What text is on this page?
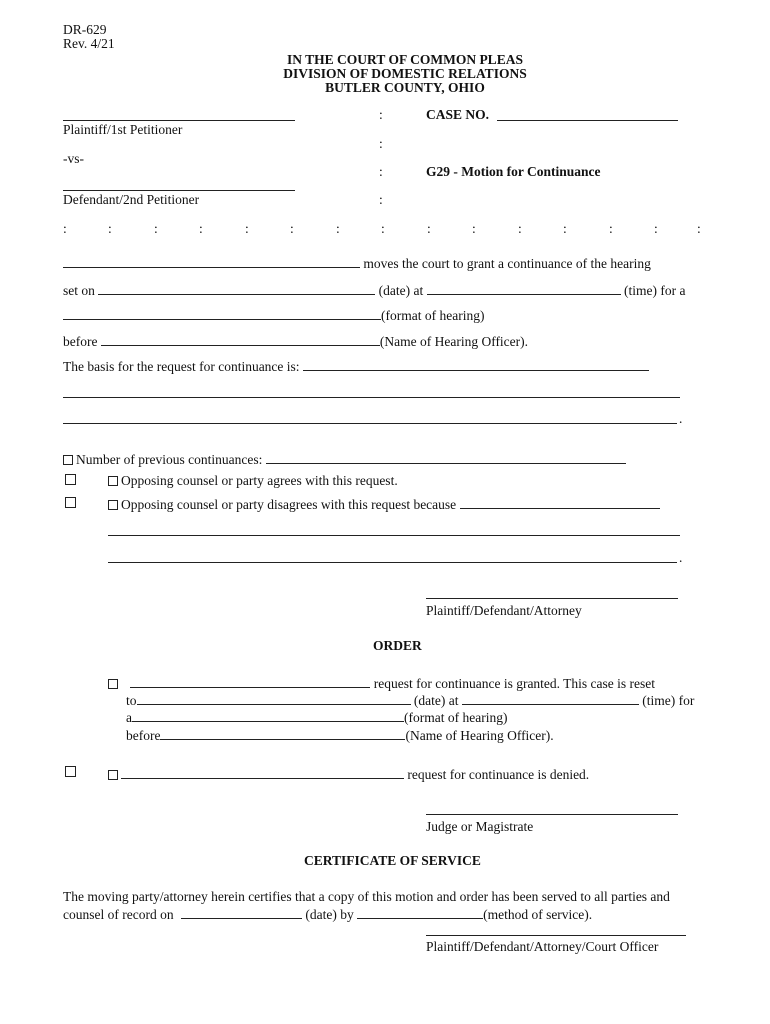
DR-629
Rev. 4/21
IN THE COURT OF COMMON PLEAS
DIVISION OF DOMESTIC RELATIONS
BUTLER COUNTY, OHIO
Plaintiff/1st Petitioner
-vs-
Defendant/2nd Petitioner
:
:
:
:
CASE NO.
G29 - Motion for Continuance
:	:	:	:	:	:	:	:	:	:	:	:	:	:	:
moves the court to grant a continuance of the hearing
set on	(date) at	(time) for a
(format of hearing)
before	(Name of Hearing Officer).
The basis for the request for continuance is:
.
Number of previous continuances:
Opposing counsel or party agrees with this request.
Opposing counsel or party disagrees with this request because
.
Plaintiff/Defendant/Attorney
ORDER
request for continuance is granted. This case is reset
to	(date) at	(time) for
a	(format of hearing)
before	(Name of Hearing Officer).
request for continuance is denied.
Judge or Magistrate
CERTIFICATE OF SERVICE
The moving party/attorney herein certifies that a copy of this motion and order has been served to all parties and
counsel of record on	(date) by	(method of service).
Plaintiff/Defendant/Attorney/Court Officer
